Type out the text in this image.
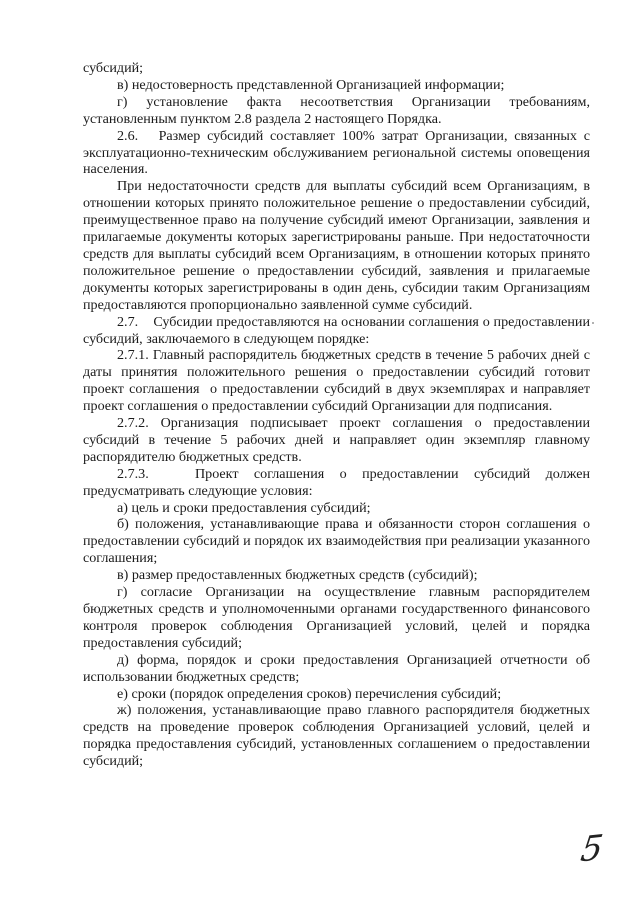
субсидий;

в) недостоверность представленной Организацией информации;

г) установление факта несоответствия Организации требованиям, установленным пунктом 2.8 раздела 2 настоящего Порядка.

2.6.   Размер субсидий составляет 100% затрат Организации, связанных с эксплуатационно-техническим обслуживанием региональной системы оповещения населения.

При недостаточности средств для выплаты субсидий всем Организациям, в отношении которых принято положительное решение о предоставлении субсидий, преимущественное право на получение субсидий имеют Организации, заявления и прилагаемые документы которых зарегистрированы раньше. При недостаточности средств для выплаты субсидий всем Организациям, в отношении которых принято положительное решение о предоставлении субсидий, заявления и прилагаемые документы которых зарегистрированы в один день, субсидии таким Организациям предоставляются пропорционально заявленной сумме субсидий.

2.7.    Субсидии предоставляются на основании соглашения о предоставлении субсидий, заключаемого в следующем порядке:

2.7.1. Главный распорядитель бюджетных средств в течение 5 рабочих дней с даты принятия положительного решения о предоставлении субсидий готовит проект соглашения  о предоставлении субсидий в двух экземплярах и направляет проект соглашения о предоставлении субсидий Организации для подписания.

2.7.2. Организация подписывает проект соглашения о предоставлении субсидий в течение 5 рабочих дней и направляет один экземпляр главному распорядителю бюджетных средств.

2.7.3.   Проект соглашения о предоставлении субсидий должен предусматривать следующие условия:

а) цель и сроки предоставления субсидий;

б) положения, устанавливающие права и обязанности сторон соглашения о предоставлении субсидий и порядок их взаимодействия при реализации указанного соглашения;

в) размер предоставленных бюджетных средств (субсидий);

г) согласие Организации на осуществление главным распорядителем бюджетных средств и уполномоченными органами государственного финансового контроля проверок соблюдения Организацией условий, целей и порядка предоставления субсидий;

д) форма, порядок и сроки предоставления Организацией отчетности об использовании бюджетных средств;

е) сроки (порядок определения сроков) перечисления субсидий;

ж) положения, устанавливающие право главного распорядителя бюджетных средств на проведение проверок соблюдения Организацией условий, целей и порядка предоставления субсидий, установленных соглашением о предоставлении субсидий;

5
